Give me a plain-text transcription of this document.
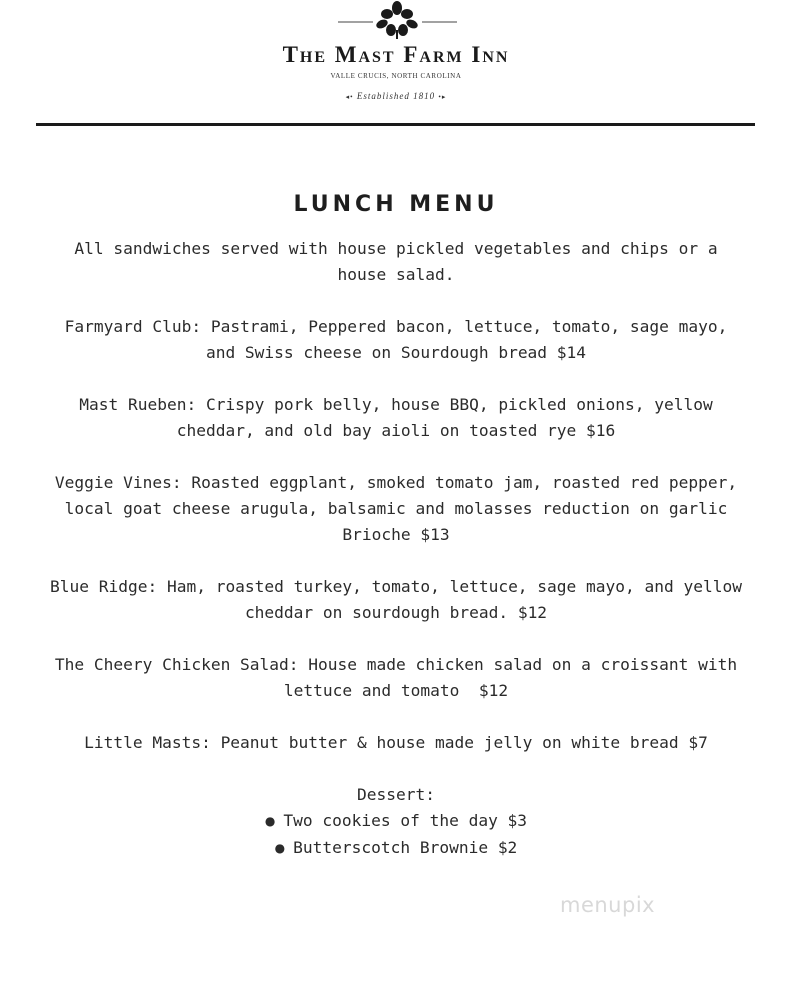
The Mast Farm Inn
VALLE CRUCIS, NORTH CAROLINA
◂• Established 1810 •▸
LUNCH MENU

All sandwiches served with house pickled vegetables and chips or a house salad.

Farmyard Club: Pastrami, Peppered bacon, lettuce, tomato, sage mayo, and Swiss cheese on Sourdough bread $14

Mast Rueben: Crispy pork belly, house BBQ, pickled onions, yellow cheddar, and old bay aioli on toasted rye $16

Veggie Vines: Roasted eggplant, smoked tomato jam, roasted red pepper, local goat cheese arugula, balsamic and molasses reduction on garlic Brioche $13

Blue Ridge: Ham, roasted turkey, tomato, lettuce, sage mayo, and yellow cheddar on sourdough bread. $12

The Cheery Chicken Salad: House made chicken salad on a croissant with lettuce and tomato  $12

Little Masts: Peanut butter & house made jelly on white bread $7

Dessert:

● Two cookies of the day $3
● Butterscotch Brownie $2
menupix
